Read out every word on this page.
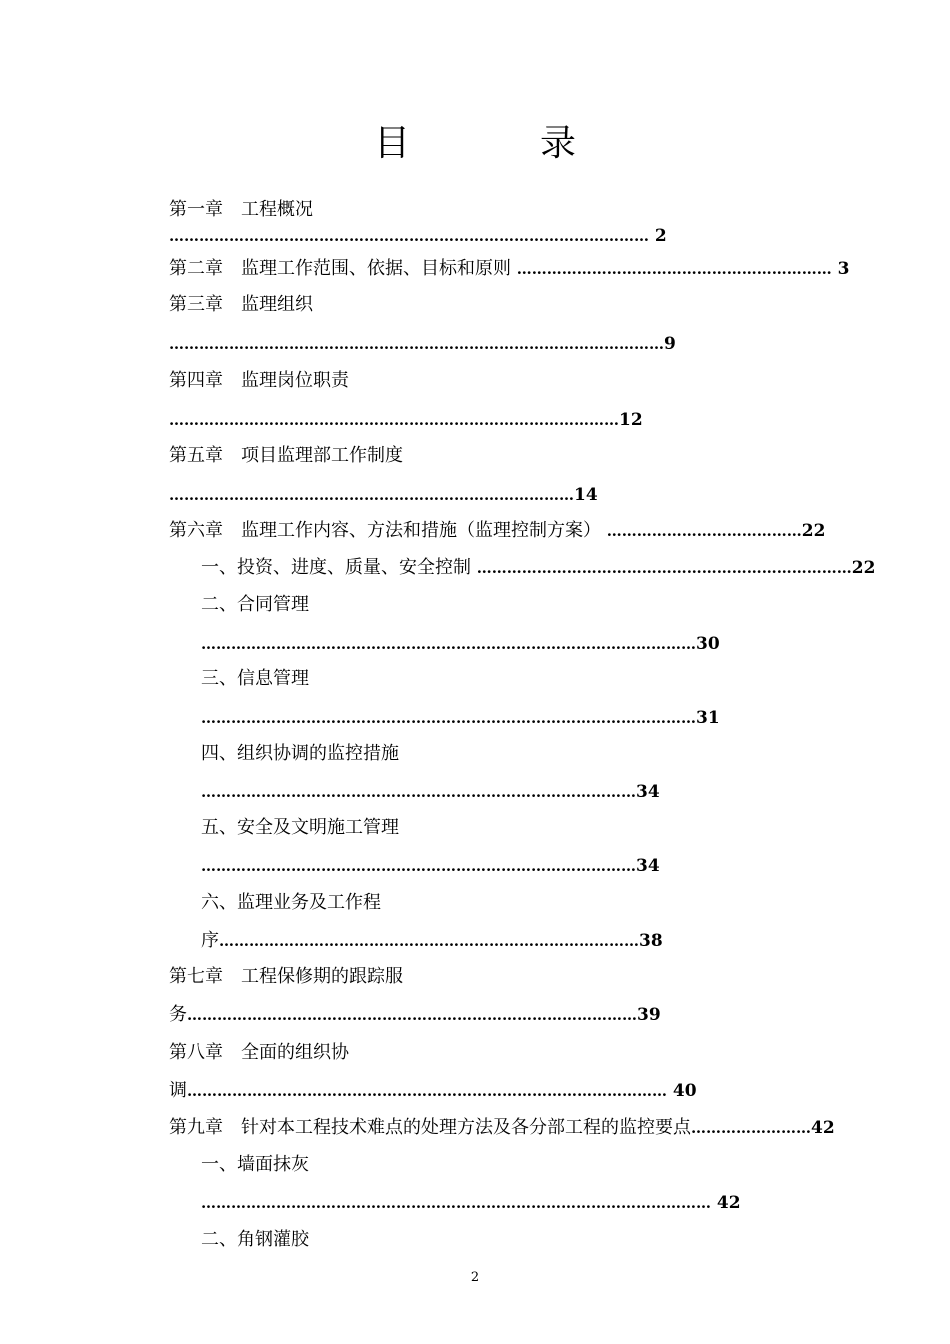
目	录
第一章　工程概况
…………………………………………………………………………………… 2
第二章　监理工作范围、依据、目标和原则 ……………………………………………………… 3
第三章　监理组织
………………………………………………………………………………………9
第四章　监理岗位职责
………………………………………………………………………………12
第五章　项目监理部工作制度
………………………………………………………………………14
第六章　监理工作内容、方法和措施（监理控制方案） …………………………………22
一、投资、进度、质量、安全控制 …………………………………………………………………22
二、合同管理
………………………………………………………………………………………30
三、信息管理
………………………………………………………………………………………31
四、组织协调的监控措施
……………………………………………………………………………34
五、安全及文明施工管理
……………………………………………………………………………34
六、监理业务及工作程
序…………………………………………………………………………38
第七章　工程保修期的跟踪服
务………………………………………………………………………………39
第八章　全面的组织协
调…………………………………………………………………………………… 40
第九章　针对本工程技术难点的处理方法及各分部工程的监控要点……………………42
一、墙面抹灰
………………………………………………………………………………………… 42
二、角钢灌胶
2
